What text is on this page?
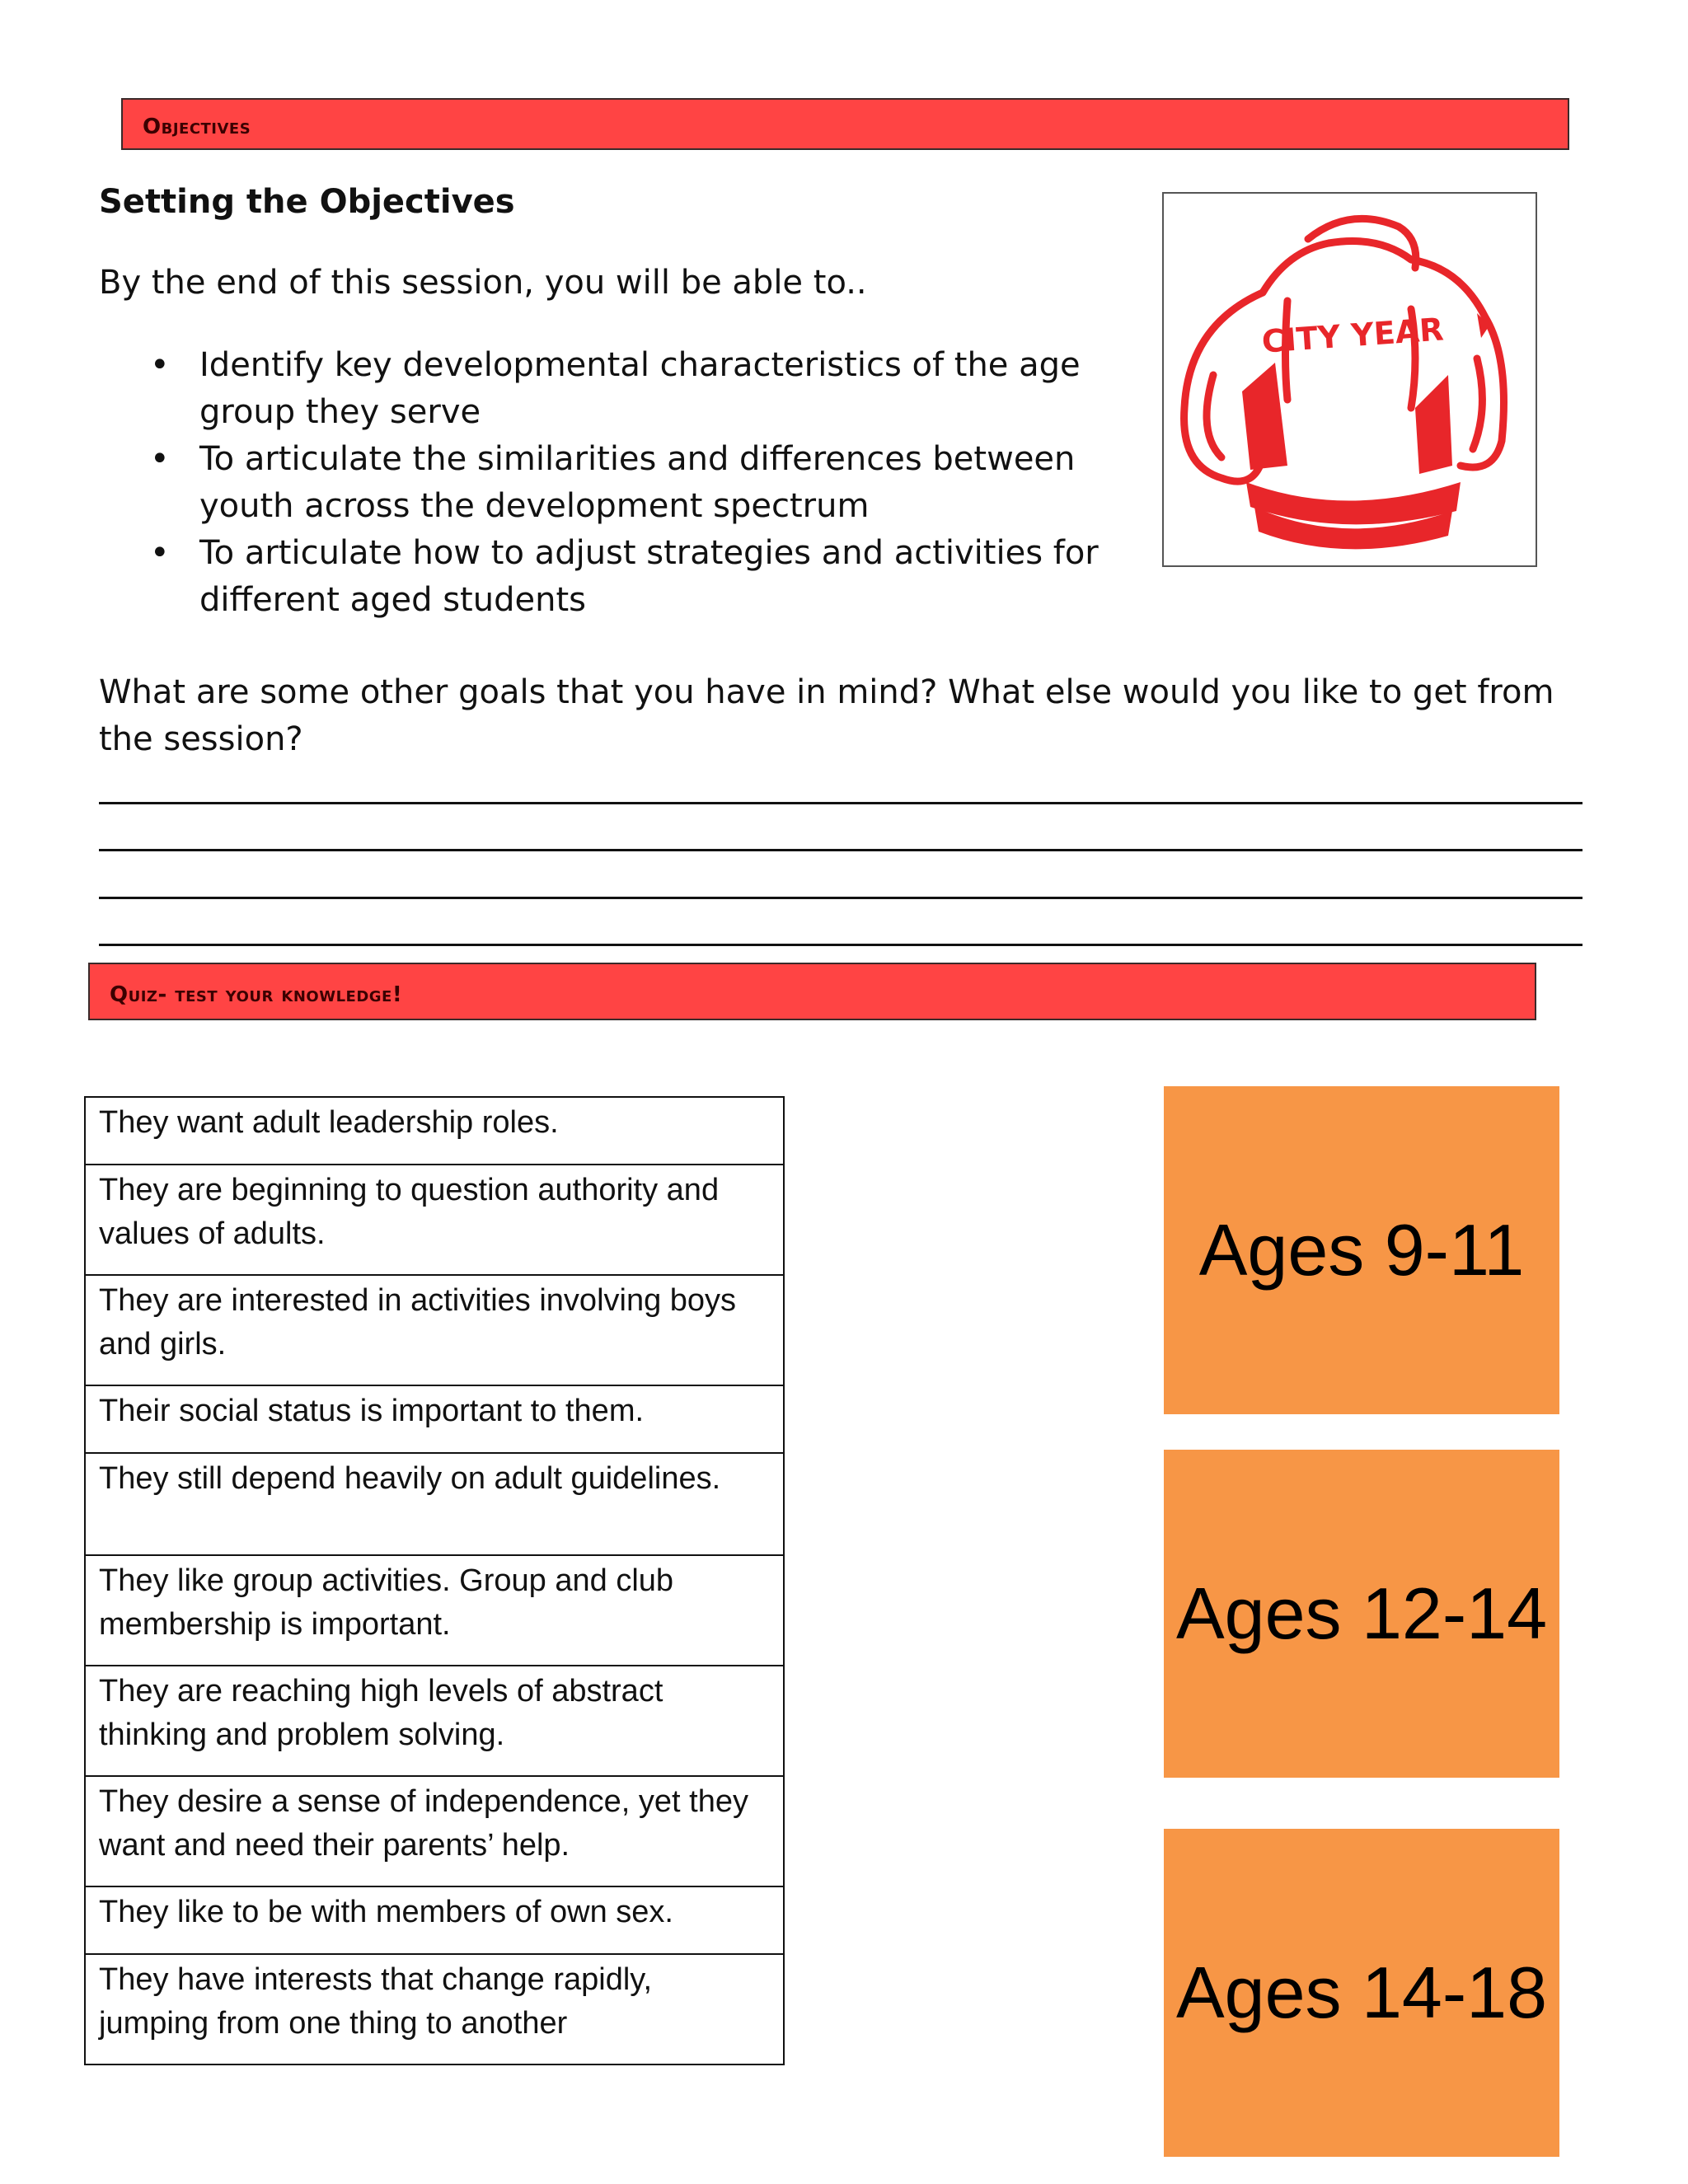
Objectives
Setting the Objectives
By the end of this session, you will be able to..
• Identify key developmental characteristics of the age group they serve
• To articulate the similarities and differences between youth across the development spectrum
• To articulate how to adjust strategies and activities for different aged students
What are some other goals that you have in mind? What else would you like to get from the session?
CITY YEAR
Quiz- test your knowledge!
They want adult leadership roles.
They are beginning to question authority and values of adults.
They are interested in activities involving boys and girls.
Their social status is important to them.
They still depend heavily on adult guidelines.
They like group activities. Group and club membership is important.
They are reaching high levels of abstract thinking and problem solving.
They desire a sense of independence, yet they want and need their parents’ help.
They like to be with members of own sex.
They have interests that change rapidly, jumping from one thing to another
Ages 9-11
Ages 12-14
Ages 14-18
